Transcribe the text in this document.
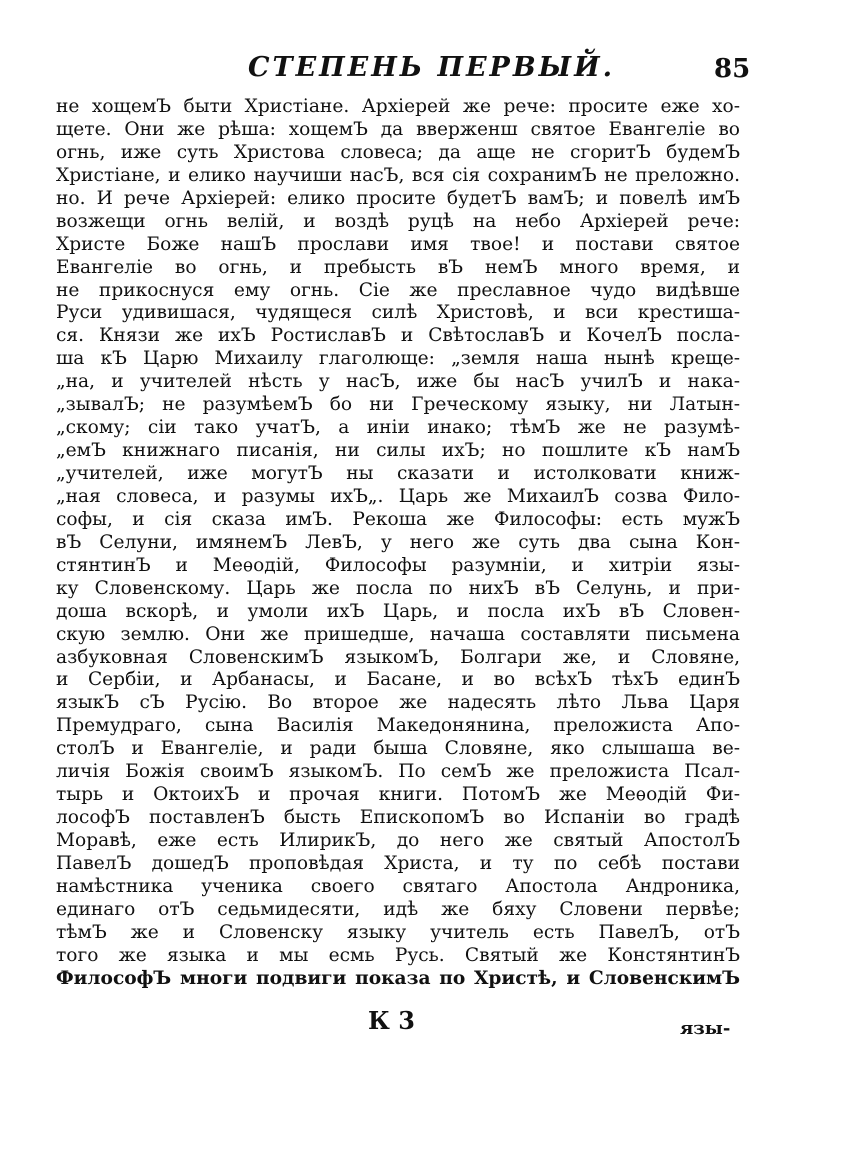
СТЕПЕНЬ ПЕРВЫЙ.	85
не хощемЪ быти Христіане. Архіерей же рече: просите еже хо-
щете. Они же рѣша: хощемЪ да вверженш святое Евангеліе во
огнь, иже суть Христова словеса; да аще не сгоритЪ будемЪ
Христіане, и елико научиши насЪ, вся сія сохранимЪ не преложно.
но. И рече Архіерей: елико просите будетЪ вамЪ; и повелѣ имЪ
возжещи огнь велій, и воздѣ руцѣ на небо Архіерей рече:
Христе Боже нашЪ прослави имя твое! и постави святое
Евангеліе во огнь, и пребысть вЪ немЪ много время, и
не прикоснуся ему огнь. Сіе же преславное чудо видѣвше
Руси удивишася, чудящеся силѣ Христовѣ, и вси крестиша-
ся. Князи же ихЪ РостиславЪ и СвѣтославЪ и КочелЪ посла-
ша кЪ Царю Михаилу глаголюще: „земля наша нынѣ креще-
„на, и учителей нѣсть у насЪ, иже бы насЪ училЪ и нака-
„зывалЪ; не разумѣемЪ бо ни Греческому языку, ни Латын-
„скому; сіи тако учатЪ, а иніи инако; тѣмЪ же не разумѣ-
„емЪ книжнаго писанія, ни силы ихЪ; но пошлите кЪ намЪ
„учителей, иже могутЪ ны сказати и истолковати книж-
„ная словеса, и разумы ихЪ„. Царь же МихаилЪ созва Фило-
софы, и сія сказа имЪ. Рекоша же Философы: есть мужЪ
вЪ Селуни, имянемЪ ЛевЪ, у него же суть два сына Кон-
стянтинЪ и Меѳодій, Философы разумніи, и хитріи язы-
ку Словенскому. Царь же посла по нихЪ вЪ Селунь, и при-
доша вскорѣ, и умоли ихЪ Царь, и посла ихЪ вЪ Словен-
скую землю. Они же пришедше, начаша составляти письмена
азбуковная СловенскимЪ языкомЪ, Болгари же, и Словяне,
и Сербіи, и Арбанасы, и Басане, и во всѣхЪ тѣхЪ единЪ
языкЪ сЪ Русію. Во второе же надесять лѣто Льва Царя
Премудраго, сына Василія Македонянина, преложиста Апо-
столЪ и Евангеліе, и ради быша Словяне, яко слышаша ве-
личія Божія своимЪ языкомЪ. По семЪ же преложиста Псал-
тырь и ОктоихЪ и прочая книги. ПотомЪ же Меѳодій Фи-
лософЪ поставленЪ бысть ЕпископомЪ во Испаніи во градѣ
Моравѣ, еже есть ИлирикЪ, до него же святый АпостолЪ
ПавелЪ дошедЪ проповѣдая Христа, и ту по себѣ постави
намѣстника ученика своего святаго Апостола Андроника,
единаго отЪ седьмидесяти, идѣ же бяху Словени первѣе;
тѣмЪ же и Словенску языку учитель есть ПавелЪ, отЪ
того же языка и мы есмь Русь. Святый же КонстянтинЪ
ФилософЪ многи подвиги показа по Христѣ, и СловенскимЪ
К 3	язы-
